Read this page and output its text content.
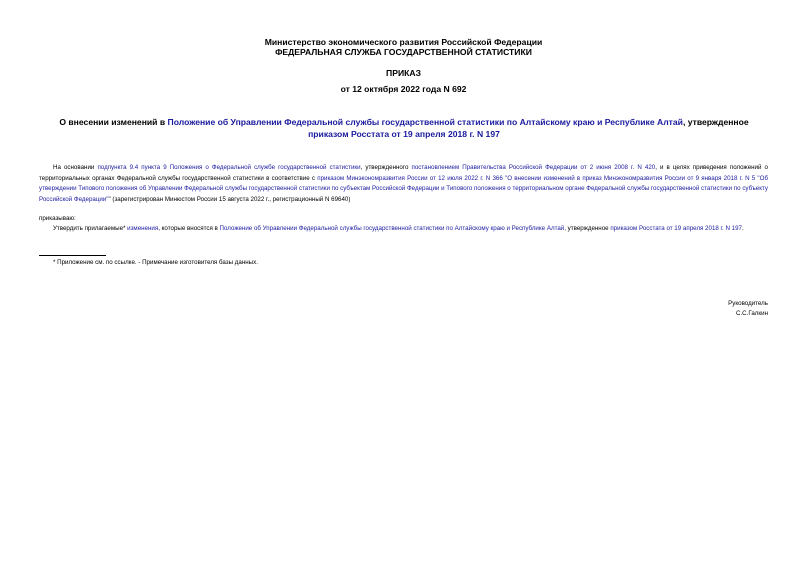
Министерство экономического развития Российской Федерации
ФЕДЕРАЛЬНАЯ СЛУЖБА ГОСУДАРСТВЕННОЙ СТАТИСТИКИ
ПРИКАЗ
от 12 октября 2022 года N 692
О внесении изменений в Положение об Управлении Федеральной службы государственной статистики по Алтайскому краю и Республике Алтай, утвержденное приказом Росстата от 19 апреля 2018 г. N 197
На основании подпункта 9.4 пункта 9 Положения о Федеральной службе государственной статистики, утвержденного постановлением Правительства Российской Федерации от 2 июня 2008 г. N 420, и в целях приведения положений о территориальных органах Федеральной службы государственной статистики в соответствие с приказом Минэкономразвития России от 12 июля 2022 г. N 366 "О внесении изменений в приказ Минэкономразвития России от 9 января 2018 г. N 5 "Об утверждении Типового положения об Управлении Федеральной службы государственной статистики по субъектам Российской Федерации и Типового положения о территориальном органе Федеральной службы государственной статистики по субъекту Российской Федерации"" (зарегистрирован Минюстом России 15 августа 2022 г., регистрационный N 69640)
приказываю:
Утвердить прилагаемые* изменения, которые вносятся в Положение об Управлении Федеральной службы государственной статистики по Алтайскому краю и Республике Алтай, утвержденное приказом Росстата от 19 апреля 2018 г. N 197.
* Приложение см. по ссылке. - Примечание изготовителя базы данных.
Руководитель
С.С.Галкин
